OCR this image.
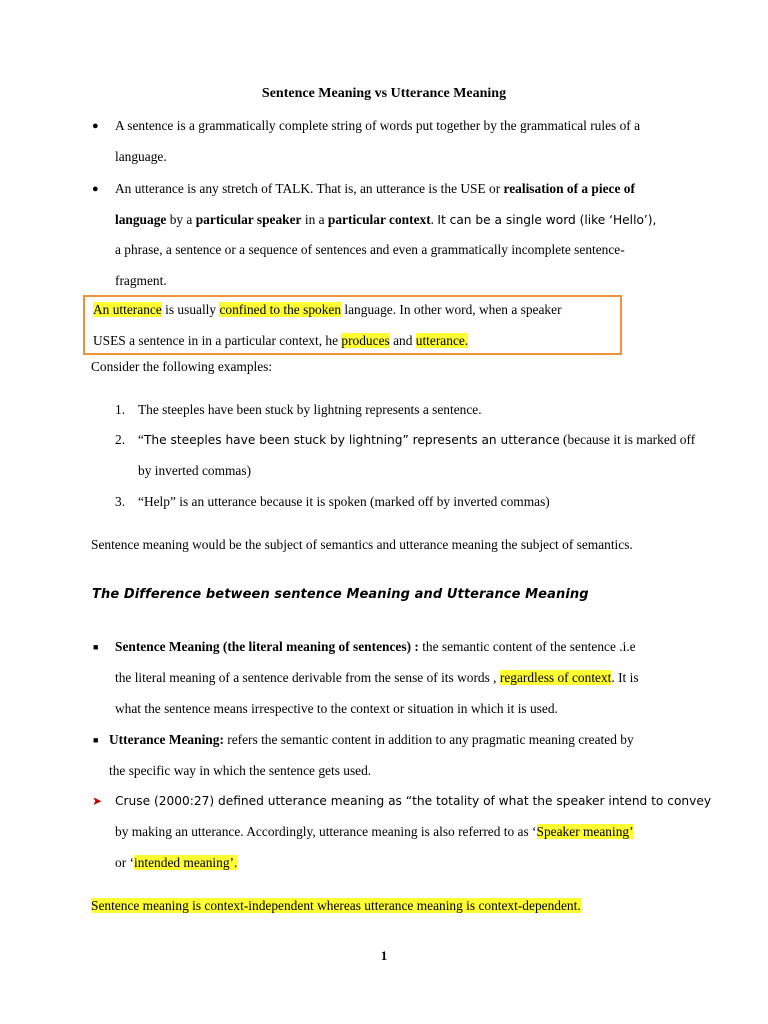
Sentence Meaning vs Utterance Meaning
● A sentence is a grammatically complete string of words put together by the grammatical rules of a
language.
● An utterance is any stretch of TALK. That is, an utterance is the USE or realisation of a piece of
language by a particular speaker in a particular context. It can be a single word (like ‘Hello’),
a phrase, a sentence or a sequence of sentences and even a grammatically incomplete sentence-
fragment.
An utterance is usually confined to the spoken language. In other word, when a speaker
USES a sentence in in a particular context, he produces and utterance.
Consider the following examples:
1. The steeples have been stuck by lightning represents a sentence.
2. “The steeples have been stuck by lightning” represents an utterance (because it is marked off
by inverted commas)
3. “Help” is an utterance because it is spoken (marked off by inverted commas)
Sentence meaning would be the subject of semantics and utterance meaning the subject of semantics.
The Difference between sentence Meaning and Utterance Meaning
■ Sentence Meaning (the literal meaning of sentences) : the semantic content of the sentence .i.e
the literal meaning of a sentence derivable from the sense of its words , regardless of context. It is
what the sentence means irrespective to the context or situation in which it is used.
■ Utterance Meaning: refers the semantic content in addition to any pragmatic meaning created by
the specific way in which the sentence gets used.
➤ Cruse (2000:27) defined utterance meaning as “the totality of what the speaker intend to convey
by making an utterance. Accordingly, utterance meaning is also referred to as ‘Speaker meaning’
or ‘intended meaning’.
Sentence meaning is context-independent whereas utterance meaning is context-dependent.
1
